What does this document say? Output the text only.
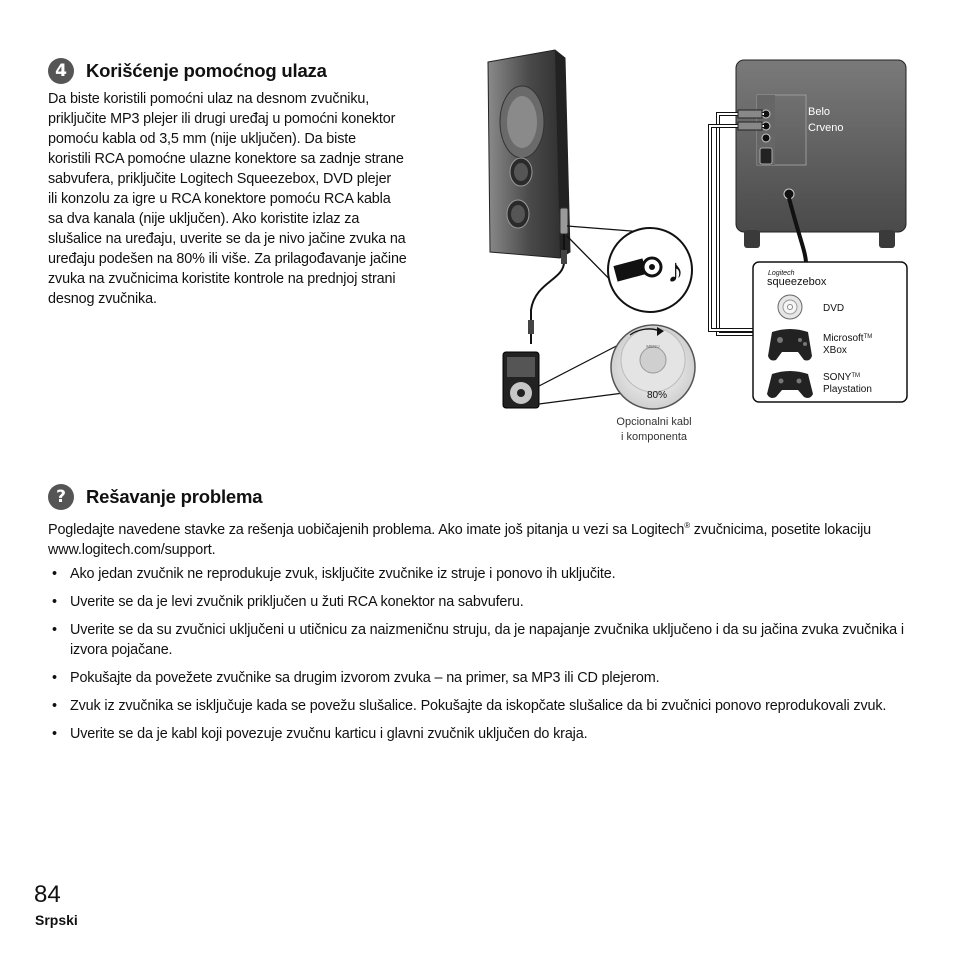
4	Korišćenje pomoćnog ulaza
Da biste koristili pomoćni ulaz na desnom zvučniku,
priključite MP3 plejer ili drugi uređaj u pomoćni konektor
pomoću kabla od 3,5 mm (nije uključen). Da biste
koristili RCA pomoćne ulazne konektore sa zadnje strane
sabvufera, priključite Logitech Squeezebox, DVD plejer
ili konzolu za igre u RCA konektore pomoću RCA kabla
sa dva kanala (nije uključen). Ako koristite izlaz za
slušalice na uređaju, uverite se da je nivo jačine zvuka na
uređaju podešen na 80% ili više. Za prilagođavanje jačine
zvuka na zvučnicima koristite kontrole na prednjoj strani
desnog zvučnika.
♪
MENU
80%
Opcionalni kabl
i komponenta
Belo
Crveno
Logitech
squeezebox
DVD
Microsoft™
XBox
SONY™
Playstation
?	Rešavanje problema
Pogledajte navedene stavke za rešenja uobičajenih problema. Ako imate još pitanja u vezi sa Logitech® zvučnicima, posetite lokaciju www.logitech.com/support.
• Ako jedan zvučnik ne reprodukuje zvuk, isključite zvučnike iz struje i ponovo ih uključite.
• Uverite se da je levi zvučnik priključen u žuti RCA konektor na sabvuferu.
• Uverite se da su zvučnici uključeni u utičnicu za naizmeničnu struju, da je napajanje zvučnika uključeno i da su jačina zvuka zvučnika i izvora pojačane.
• Pokušajte da povežete zvučnike sa drugim izvorom zvuka – na primer, sa MP3 ili CD plejerom.
• Zvuk iz zvučnika se isključuje kada se povežu slušalice. Pokušajte da iskopčate slušalice da bi zvučnici ponovo reprodukovali zvuk.
• Uverite se da je kabl koji povezuje zvučnu karticu i glavni zvučnik uključen do kraja.
84
Srpski
